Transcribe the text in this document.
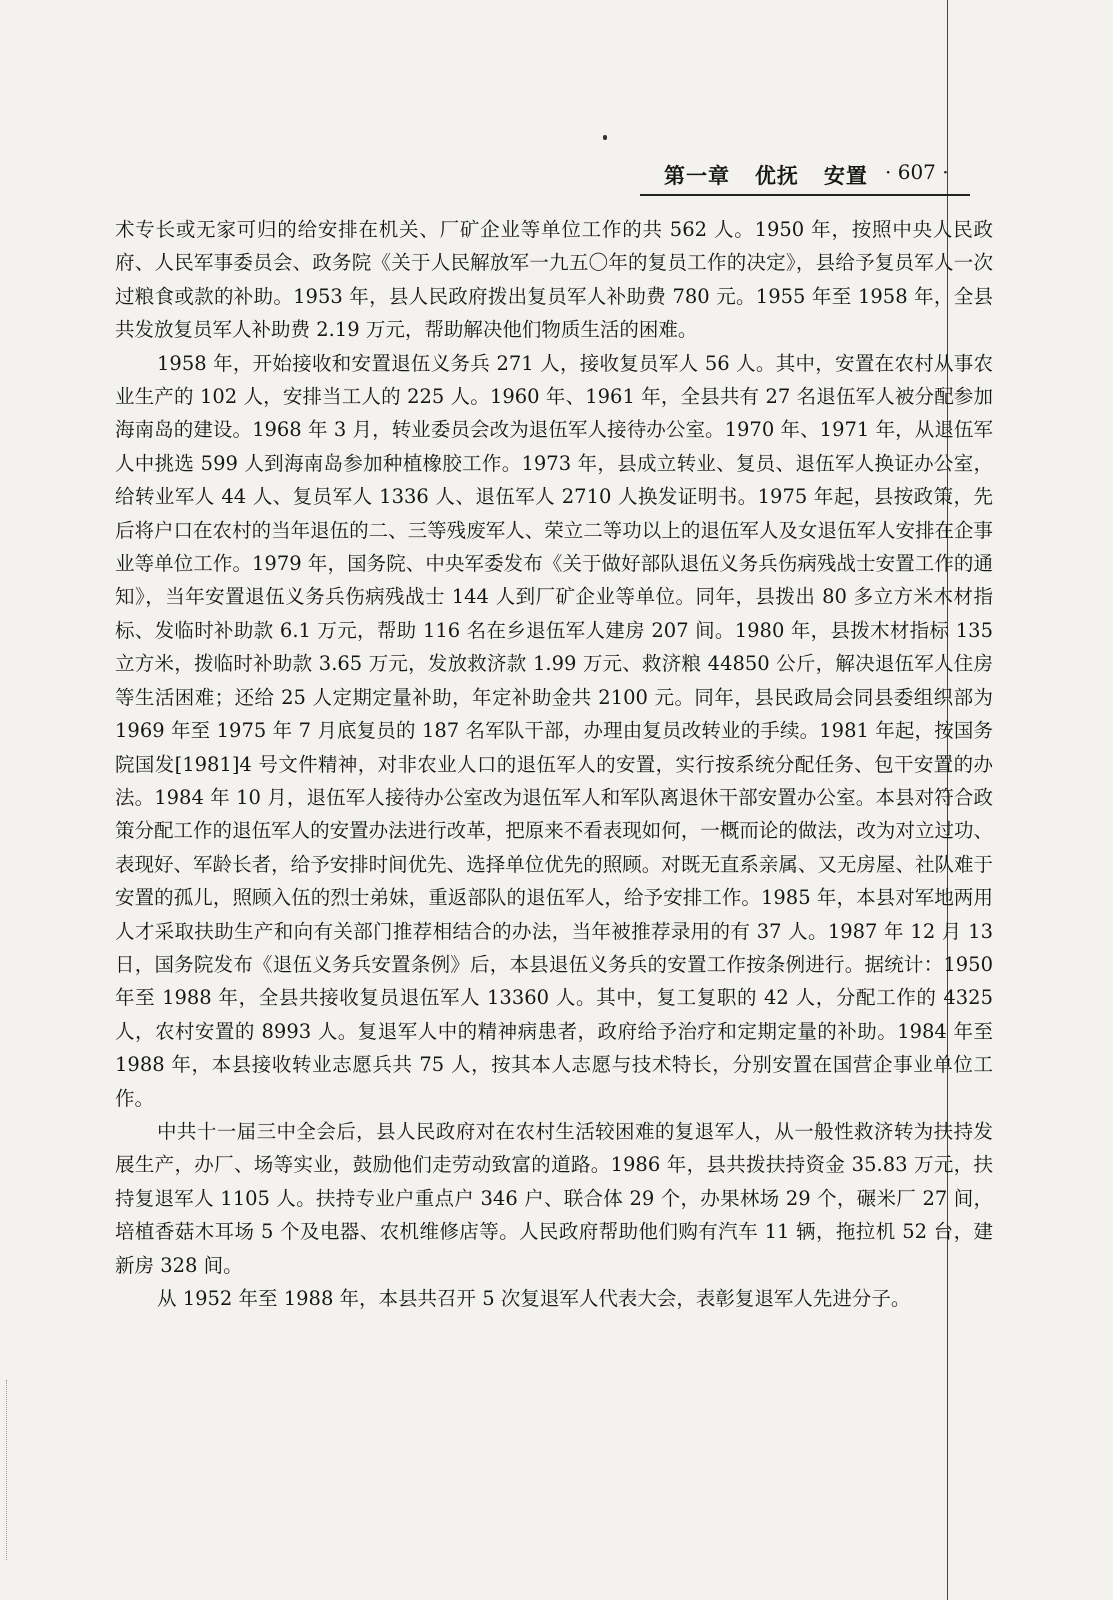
第一章   优抚   安置 · 607 ·

术专长或无家可归的给安排在机关、厂矿企业等单位工作的共 562 人。1950 年，按照中央人民政府、人民军事委员会、政务院《关于人民解放军一九五〇年的复员工作的决定》，县给予复员军人一次过粮食或款的补助。1953 年，县人民政府拨出复员军人补助费 780 元。1955 年至 1958 年，全县共发放复员军人补助费 2.19 万元，帮助解决他们物质生活的困难。

1958 年，开始接收和安置退伍义务兵 271 人，接收复员军人 56 人。其中，安置在农村从事农业生产的 102 人，安排当工人的 225 人。1960 年、1961 年，全县共有 27 名退伍军人被分配参加海南岛的建设。1968 年 3 月，转业委员会改为退伍军人接待办公室。1970 年、1971 年，从退伍军人中挑选 599 人到海南岛参加种植橡胶工作。1973 年，县成立转业、复员、退伍军人换证办公室，给转业军人 44 人、复员军人 1336 人、退伍军人 2710 人换发证明书。1975 年起，县按政策，先后将户口在农村的当年退伍的二、三等残废军人、荣立二等功以上的退伍军人及女退伍军人安排在企事业等单位工作。1979 年，国务院、中央军委发布《关于做好部队退伍义务兵伤病残战士安置工作的通知》，当年安置退伍义务兵伤病残战士 144 人到厂矿企业等单位。同年，县拨出 80 多立方米木材指标、发临时补助款 6.1 万元，帮助 116 名在乡退伍军人建房 207 间。1980 年，县拨木材指标 135 立方米，拨临时补助款 3.65 万元，发放救济款 1.99 万元、救济粮 44850 公斤，解决退伍军人住房等生活困难；还给 25 人定期定量补助，年定补助金共 2100 元。同年，县民政局会同县委组织部为 1969 年至 1975 年 7 月底复员的 187 名军队干部，办理由复员改转业的手续。1981 年起，按国务院国发[1981]4 号文件精神，对非农业人口的退伍军人的安置，实行按系统分配任务、包干安置的办法。1984 年 10 月，退伍军人接待办公室改为退伍军人和军队离退休干部安置办公室。本县对符合政策分配工作的退伍军人的安置办法进行改革，把原来不看表现如何，一概而论的做法，改为对立过功、表现好、军龄长者，给予安排时间优先、选择单位优先的照顾。对既无直系亲属、又无房屋、社队难于安置的孤儿，照顾入伍的烈士弟妹，重返部队的退伍军人，给予安排工作。1985 年，本县对军地两用人才采取扶助生产和向有关部门推荐相结合的办法，当年被推荐录用的有 37 人。1987 年 12 月 13 日，国务院发布《退伍义务兵安置条例》后，本县退伍义务兵的安置工作按条例进行。据统计：1950 年至 1988 年，全县共接收复员退伍军人 13360 人。其中，复工复职的 42 人，分配工作的 4325 人，农村安置的 8993 人。复退军人中的精神病患者，政府给予治疗和定期定量的补助。1984 年至 1988 年，本县接收转业志愿兵共 75 人，按其本人志愿与技术特长，分别安置在国营企事业单位工作。

中共十一届三中全会后，县人民政府对在农村生活较困难的复退军人，从一般性救济转为扶持发展生产，办厂、场等实业，鼓励他们走劳动致富的道路。1986 年，县共拨扶持资金 35.83 万元，扶持复退军人 1105 人。扶持专业户重点户 346 户、联合体 29 个，办果林场 29 个，碾米厂 27 间，培植香菇木耳场 5 个及电器、农机维修店等。人民政府帮助他们购有汽车 11 辆，拖拉机 52 台，建新房 328 间。

从 1952 年至 1988 年，本县共召开 5 次复退军人代表大会，表彰复退军人先进分子。
